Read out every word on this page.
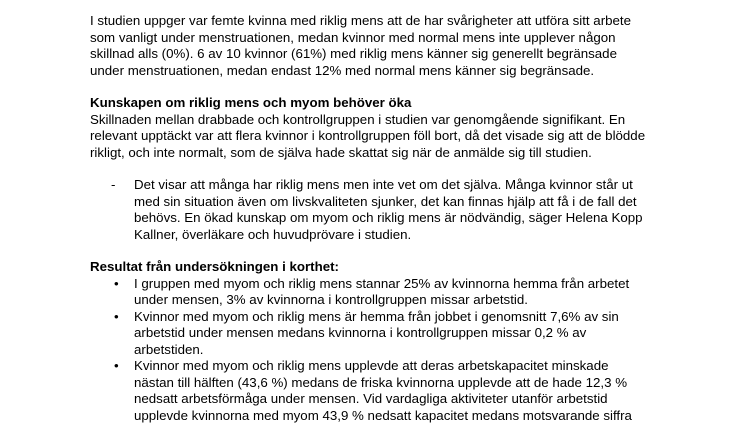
I studien uppger var femte kvinna med riklig mens att de har svårigheter att utföra sitt arbete som vanligt under menstruationen, medan kvinnor med normal mens inte upplever någon skillnad alls (0%). 6 av 10 kvinnor (61%) med riklig mens känner sig generellt begränsade under menstruationen, medan endast 12% med normal mens känner sig begränsade.

Kunskapen om riklig mens och myom behöver öka

Skillnaden mellan drabbade och kontrollgruppen i studien var genomgående signifikant. En relevant upptäckt var att flera kvinnor i kontrollgruppen föll bort, då det visade sig att de blödde rikligt, och inte normalt, som de själva hade skattat sig när de anmälde sig till studien.

- Det visar att många har riklig mens men inte vet om det själva. Många kvinnor står ut med sin situation även om livskvaliteten sjunker, det kan finnas hjälp att få i de fall det behövs. En ökad kunskap om myom och riklig mens är nödvändig, säger Helena Kopp Kallner, överläkare och huvudprövare i studien.

Resultat från undersökningen i korthet:

• I gruppen med myom och riklig mens stannar 25% av kvinnorna hemma från arbetet under mensen, 3% av kvinnorna i kontrollgruppen missar arbetstid.
• Kvinnor med myom och riklig mens är hemma från jobbet i genomsnitt 7,6% av sin arbetstid under mensen medans kvinnorna i kontrollgruppen missar 0,2 % av arbetstiden.
• Kvinnor med myom och riklig mens upplevde att deras arbetskapacitet minskade nästan till hälften (43,6 %) medans de friska kvinnorna upplevde att de hade 12,3 % nedsatt arbetsförmåga under mensen. Vid vardagliga aktiviteter utanför arbetstid upplevde kvinnorna med myom 43,9 % nedsatt kapacitet medans motsvarande siffra
